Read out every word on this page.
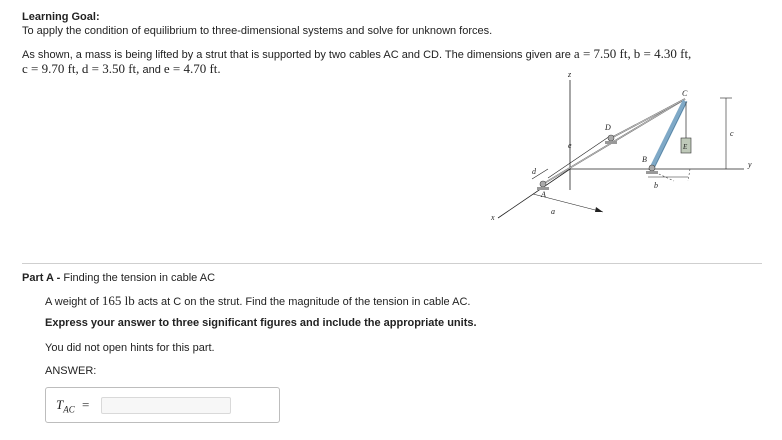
Learning Goal:
To apply the condition of equilibrium to three-dimensional systems and solve for unknown forces.
As shown, a mass is being lifted by a strut that is supported by two cables AC and CD. The dimensions given are a = 7.50 ft, b = 4.30 ft,
c = 9.70 ft, d = 3.50 ft, and e = 4.70 ft.	z
y
x
a
d
e
b
c
E
A
D
B
C
Part A - Finding the tension in cable AC
A weight of 165 lb acts at C on the strut. Find the magnitude of the tension in cable AC.
Express your answer to three significant figures and include the appropriate units.
You did not open hints for this part.
ANSWER:
$T_{AC}$ =
